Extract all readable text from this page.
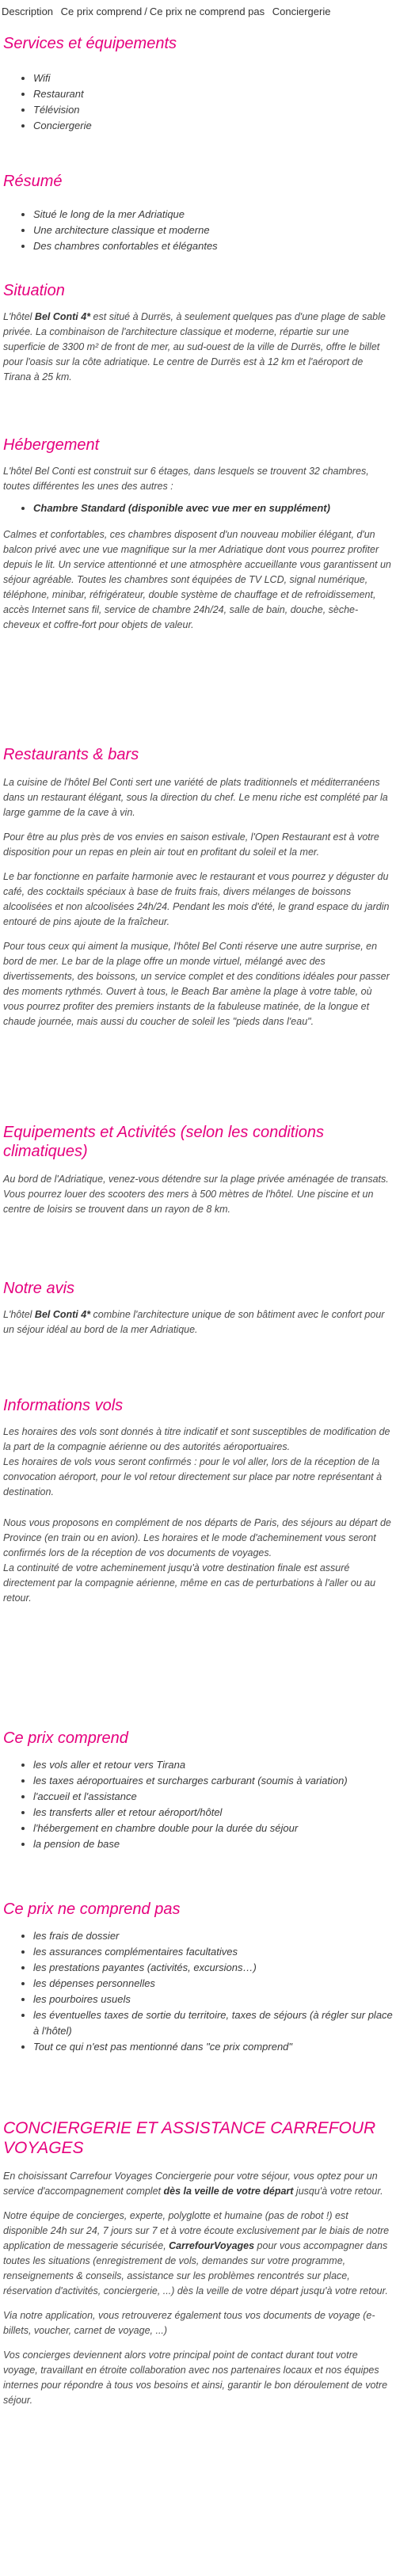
Description
Ce prix comprend / Ce prix ne comprend pas
Conciergerie
Services et équipements
• Wifi
• Restaurant
• Télévision
• Conciergerie
Résumé
• Situé le long de la mer Adriatique
• Une architecture classique et moderne
• Des chambres confortables et élégantes
Situation

L'hôtel Bel Conti 4* est situé à Durrës, à seulement quelques pas d'une plage de sable privée. La combinaison de l'architecture classique et moderne, répartie sur une superficie de 3300 m² de front de mer, au sud-ouest de la ville de Durrës, offre le billet pour l'oasis sur la côte adriatique. Le centre de Durrës est à 12 km et l'aéroport de Tirana à 25 km.

Hébergement

L'hôtel Bel Conti est construit sur 6 étages, dans lesquels se trouvent 32 chambres, toutes différentes les unes des autres :

• Chambre Standard (disponible avec vue mer en supplément)

Calmes et confortables, ces chambres disposent d'un nouveau mobilier élégant, d'un balcon privé avec une vue magnifique sur la mer Adriatique dont vous pourrez profiter depuis le lit. Un service attentionné et une atmosphère accueillante vous garantissent un séjour agréable. Toutes les chambres sont équipées de TV LCD, signal numérique, téléphone, minibar, réfrigérateur, double système de chauffage et de refroidissement, accès Internet sans fil, service de chambre 24h/24, salle de bain, douche, sèche-cheveux et coffre-fort pour objets de valeur.

Restaurants & bars

La cuisine de l'hôtel Bel Conti sert une variété de plats traditionnels et méditerranéens dans un restaurant élégant, sous la direction du chef. Le menu riche est complété par la large gamme de la cave à vin.

Pour être au plus près de vos envies en saison estivale, l'Open Restaurant est à votre disposition pour un repas en plein air tout en profitant du soleil et la mer.

Le bar fonctionne en parfaite harmonie avec le restaurant et vous pourrez y déguster du café, des cocktails spéciaux à base de fruits frais, divers mélanges de boissons alcoolisées et non alcoolisées 24h/24. Pendant les mois d'été, le grand espace du jardin entouré de pins ajoute de la fraîcheur.

Pour tous ceux qui aiment la musique, l'hôtel Bel Conti réserve une autre surprise, en bord de mer. Le bar de la plage offre un monde virtuel, mélangé avec des divertissements, des boissons, un service complet et des conditions idéales pour passer des moments rythmés. Ouvert à tous, le Beach Bar amène la plage à votre table, où vous pourrez profiter des premiers instants de la fabuleuse matinée, de la longue et chaude journée, mais aussi du coucher de soleil les "pieds dans l'eau".

Equipements et Activités (selon les conditions climatiques)

Au bord de l'Adriatique, venez-vous détendre sur la plage privée aménagée de transats. Vous pourrez louer des scooters des mers à 500 mètres de l'hôtel. Une piscine et un centre de loisirs se trouvent dans un rayon de 8 km.

Notre avis

L'hôtel Bel Conti 4* combine l'architecture unique de son bâtiment avec le confort pour un séjour idéal au bord de la mer Adriatique.

Informations vols

Les horaires des vols sont donnés à titre indicatif et sont susceptibles de modification de la part de la compagnie aérienne ou des autorités aéroportuaires.

Les horaires de vols vous seront confirmés : pour le vol aller, lors de la réception de la convocation aéroport, pour le vol retour directement sur place par notre représentant à destination.

Nous vous proposons en complément de nos départs de Paris, des séjours au départ de Province (en train ou en avion). Les horaires et le mode d'acheminement vous seront confirmés lors de la réception de vos documents de voyages.

La continuité de votre acheminement jusqu'à votre destination finale est assuré directement par la compagnie aérienne, même en cas de perturbations à l'aller ou au retour.

Ce prix comprend
• les vols aller et retour vers Tirana
• les taxes aéroportuaires et surcharges carburant (soumis à variation)
• l'accueil et l'assistance
• les transferts aller et retour aéroport/hôtel
• l'hébergement en chambre double pour la durée du séjour
• la pension de base
Ce prix ne comprend pas
• les frais de dossier
• les assurances complémentaires facultatives
• les prestations payantes (activités, excursions…)
• les dépenses personnelles
• les pourboires usuels
• les éventuelles taxes de sortie du territoire, taxes de séjours (à régler sur place à l'hôtel)
• Tout ce qui n'est pas mentionné dans "ce prix comprend"
CONCIERGERIE ET ASSISTANCE CARREFOUR VOYAGES

En choisissant Carrefour Voyages Conciergerie pour votre séjour, vous optez pour un service d'accompagnement complet dès la veille de votre départ jusqu'à votre retour.

Notre équipe de concierges, experte, polyglotte et humaine (pas de robot !) est disponible 24h sur 24, 7 jours sur 7 et à votre écoute exclusivement par le biais de notre application de messagerie sécurisée, CarrefourVoyages pour vous accompagner dans toutes les situations (enregistrement de vols, demandes sur votre programme, renseignements & conseils, assistance sur les problèmes rencontrés sur place, réservation d'activités, conciergerie, ...) dès la veille de votre départ jusqu'à votre retour.

Via notre application, vous retrouverez également tous vos documents de voyage (e-billets, voucher, carnet de voyage, ...)

Vos concierges deviennent alors votre principal point de contact durant tout votre voyage, travaillant en étroite collaboration avec nos partenaires locaux et nos équipes internes pour répondre à tous vos besoins et ainsi, garantir le bon déroulement de votre séjour.
